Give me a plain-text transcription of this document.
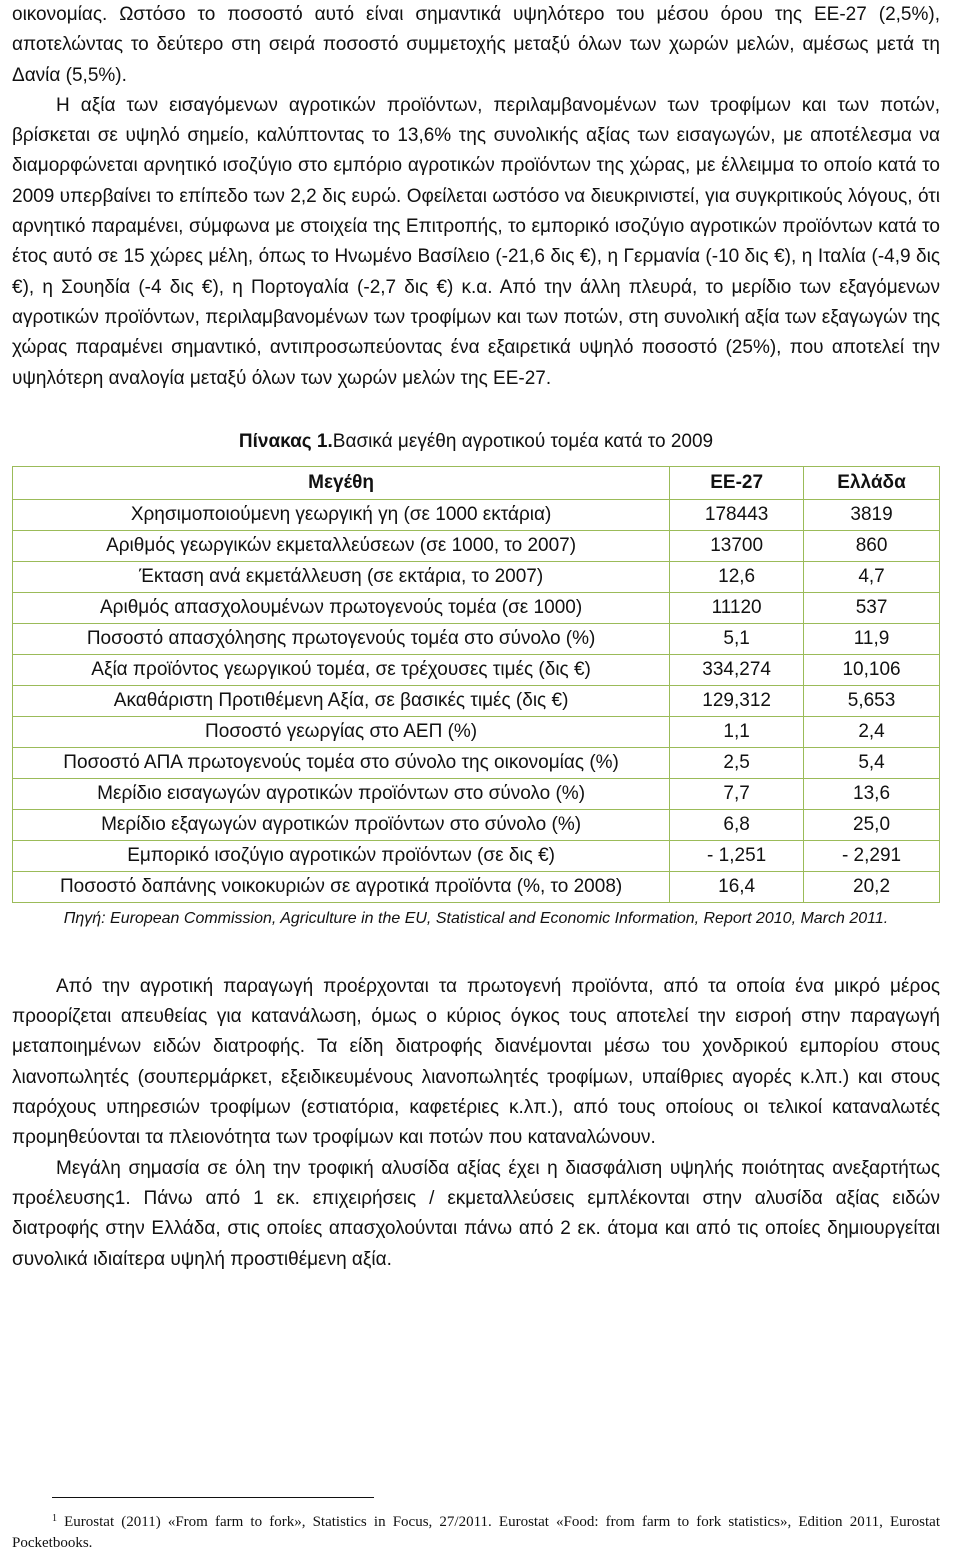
οικονομίας. Ωστόσο το ποσοστό αυτό είναι σημαντικά υψηλότερο του μέσου όρου της ΕΕ-27 (2,5%), αποτελώντας το δεύτερο στη σειρά ποσοστό συμμετοχής μεταξύ όλων των χωρών μελών, αμέσως μετά τη Δανία (5,5%).

Η αξία των εισαγόμενων αγροτικών προϊόντων, περιλαμβανομένων των τροφίμων και των ποτών, βρίσκεται σε υψηλό σημείο, καλύπτοντας το 13,6% της συνολικής αξίας των εισαγωγών, με αποτέλεσμα να διαμορφώνεται αρνητικό ισοζύγιο στο εμπόριο αγροτικών προϊόντων της χώρας, με έλλειμμα το οποίο κατά το 2009 υπερβαίνει το επίπεδο των 2,2 δις ευρώ. Οφείλεται ωστόσο να διευκρινιστεί, για συγκριτικούς λόγους, ότι αρνητικό παραμένει, σύμφωνα με στοιχεία της Επιτροπής, το εμπορικό ισοζύγιο αγροτικών προϊόντων κατά το έτος αυτό σε 15 χώρες μέλη, όπως το Ηνωμένο Βασίλειο (-21,6 δις €), η Γερμανία (-10 δις €), η Ιταλία (-4,9 δις €), η Σουηδία (-4 δις €), η Πορτογαλία (-2,7 δις €) κ.α. Από την άλλη πλευρά, το μερίδιο των εξαγόμενων αγροτικών προϊόντων, περιλαμβανομένων των τροφίμων και των ποτών, στη συνολική αξία των εξαγωγών της χώρας παραμένει σημαντικό, αντιπροσωπεύοντας ένα εξαιρετικά υψηλό ποσοστό (25%), που αποτελεί την υψηλότερη αναλογία μεταξύ όλων των χωρών μελών της ΕΕ-27.

Πίνακας 1.Βασικά μεγέθη αγροτικού τομέα κατά το 2009
Μεγέθη	ΕΕ-27	Ελλάδα
Χρησιμοποιούμενη γεωργική γη (σε 1000 εκτάρια)	178443	3819
Αριθμός γεωργικών εκμεταλλεύσεων (σε 1000, το 2007)	13700	860
Έκταση ανά εκμετάλλευση (σε εκτάρια, το 2007)	12,6	4,7
Αριθμός απασχολουμένων πρωτογενούς τομέα (σε 1000)	11120	537
Ποσοστό απασχόλησης πρωτογενούς τομέα στο σύνολο (%)	5,1	11,9
Αξία προϊόντος γεωργικού τομέα, σε τρέχουσες τιμές (δις €)	334,274	10,106
Ακαθάριστη Προτιθέμενη Αξία, σε βασικές τιμές (δις €)	129,312	5,653
Ποσοστό γεωργίας στο ΑΕΠ (%)	1,1	2,4
Ποσοστό ΑΠΑ πρωτογενούς τομέα στο σύνολο της οικονομίας (%)	2,5	5,4
Μερίδιο εισαγωγών αγροτικών προϊόντων στο σύνολο (%)	7,7	13,6
Μερίδιο εξαγωγών αγροτικών προϊόντων στο σύνολο (%)	6,8	25,0
Εμπορικό ισοζύγιο αγροτικών προϊόντων (σε δις €)	- 1,251	- 2,291
Ποσοστό δαπάνης νοικοκυριών σε αγροτικά προϊόντα (%, το 2008)	16,4	20,2
Πηγή: European Commission, Agriculture in the EU, Statistical and Economic Information, Report 2010, March 2011.

Από την αγροτική παραγωγή προέρχονται τα πρωτογενή προϊόντα, από τα οποία ένα μικρό μέρος προορίζεται απευθείας για κατανάλωση, όμως ο κύριος όγκος τους αποτελεί την εισροή στην παραγωγή μεταποιημένων ειδών διατροφής. Τα είδη διατροφής διανέμονται μέσω του χονδρικού εμπορίου στους λιανοπωλητές (σουπερμάρκετ, εξειδικευμένους λιανοπωλητές τροφίμων, υπαίθριες αγορές κ.λπ.) και στους παρόχους υπηρεσιών τροφίμων (εστιατόρια, καφετέριες κ.λπ.), από τους οποίους οι τελικοί καταναλωτές προμηθεύονται τα πλειονότητα των τροφίμων και ποτών που καταναλώνουν.

Μεγάλη σημασία σε όλη την τροφική αλυσίδα αξίας έχει η διασφάλιση υψηλής ποιότητας ανεξαρτήτως προέλευσης1. Πάνω από 1 εκ. επιχειρήσεις / εκμεταλλεύσεις εμπλέκονται στην αλυσίδα αξίας ειδών διατροφής στην Ελλάδα, στις οποίες απασχολούνται πάνω από 2 εκ. άτομα και από τις οποίες δημιουργείται συνολικά ιδιαίτερα υψηλή προστιθέμενη αξία.

$^1$ Eurostat (2011) «From farm to fork», Statistics in Focus, 27/2011. Eurostat «Food: from farm to fork statistics», Edition 2011, Eurostat Pocketbooks.
